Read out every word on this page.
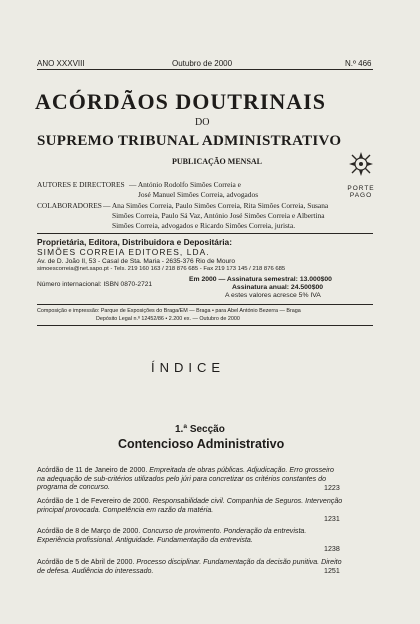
ANO XXXVIII	Outubro de 2000	N.º 466
ACÓRDÃOS DOUTRINAIS
DO
SUPREMO TRIBUNAL ADMINISTRATIVO
PUBLICAÇÃO MENSAL
PORTE
PAGO
AUTORES E DIRECTORES — António Rodolfo Simões Correia e
José Manuel Simões Correia, advogados
COLABORADORES — Ana Simões Correia, Paulo Simões Correia, Rita Simões Correia, Susana
Simões Correia, Paulo Sá Vaz, António José Simões Correia e Albertina
Simões Correia, advogados e Ricardo Simões Correia, jurista.
Proprietária, Editora, Distribuidora e Depositária:
SIMÕES CORREIA EDITORES, LDA.
Av. de D. João II, 53 - Casal de Sta. Maria - 2635-376 Rio de Mouro
simoescorreia@net.sapo.pt - Tels. 219 160 163 / 218 876 685 - Fax 219 173 145 / 218 876 685
Número internacional: ISBN 0870-2721
Em 2000 — Assinatura semestral: 13.000$00
Assinatura anual: 24.500$00
A estes valores acresce 5% IVA
Composição e impressão: Parque de Exposições do Braga/EM — Braga • para Abel António Bezerra — Braga
Depósito Legal n.º 12452/86 • 2.200 ex. — Outubro de 2000
ÍNDICE
1.ª Secção
Contencioso Administrativo
Acórdão de 11 de Janeiro de 2000. Empreitada de obras públicas. Adjudicação. Erro grosseiro na adequação de sub-critérios utilizados pelo júri para concretizar os critérios constantes do programa de concurso.	1223
Acórdão de 1 de Fevereiro de 2000. Responsabilidade civil. Companhia de Seguros. Intervenção principal provocada. Competência em razão da matéria.
1231
Acórdão de 8 de Março de 2000. Concurso de provimento. Ponderação da entrevista. Experiência profissional. Antiguidade. Fundamentação da entrevista.
1238
Acórdão de 5 de Abril de 2000. Processo disciplinar. Fundamentação da decisão punitiva. Direito de defesa. Audiência do interessado.	1251
